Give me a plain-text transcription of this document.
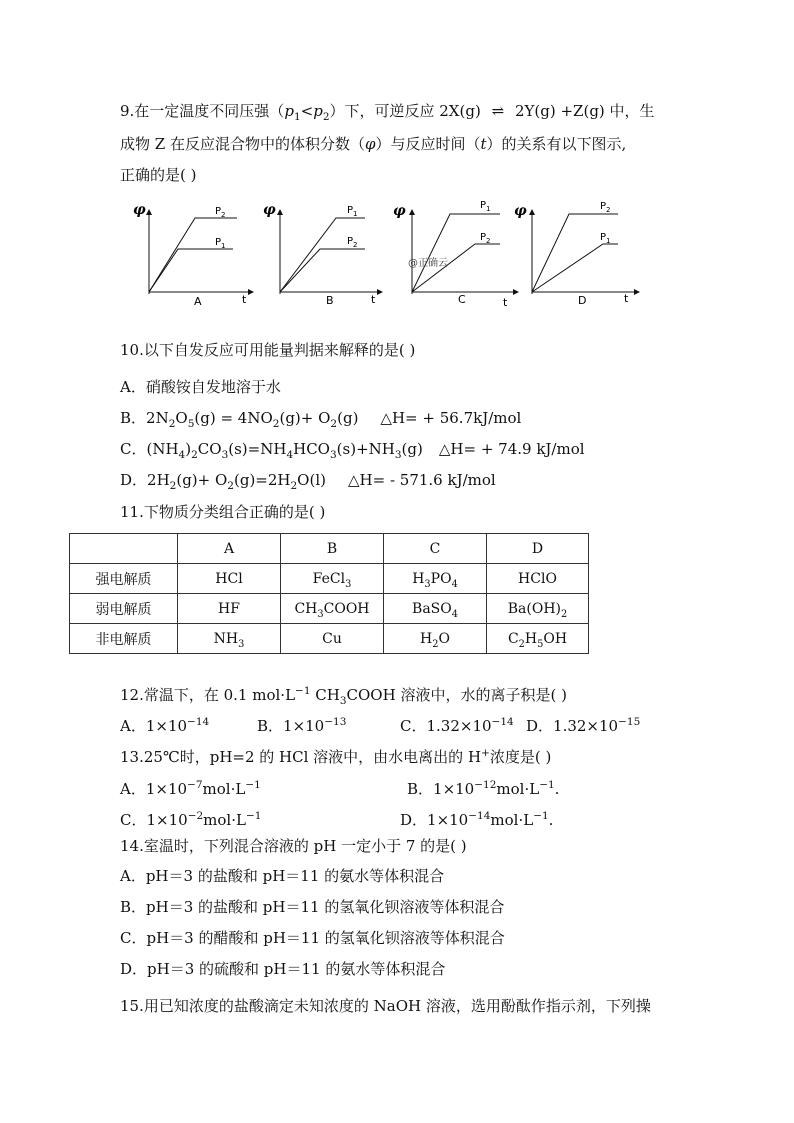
9.在一定温度不同压强$(p_1<p_2)$下，可逆反应 2X(g) ⇌ 2Y(g) +Z(g) 中，生
成物 Z 在反应混合物中的体积分数（φ）与反应时间（t）的关系有以下图示,
正确的是( )
φ	$P_2$
$P_1$
A	t
φ	$P_1$
$P_2$
B	t
φ	$P_1$
$P_2$
@正确云
C	t
φ	$P_2$
$P_1$
D	t
10.以下自发反应可用能量判据来解释的是( )
A．硝酸铵自发地溶于水
B．$2N_2O_5(g) = 4NO_2(g)+ O_2(g)$ △H= + 56.7kJ/mol
C．$(NH_4)_2CO_3(s)=NH_4HCO_3(s)+NH_3(g)$ △H= + 74.9 kJ/mol
D．$2H_2(g)+ O_2(g)=2H_2O(l)$ △H= - 571.6 kJ/mol
11.下物质分类组合正确的是( )
	A	B	C	D
强电解质	HCl	FeCl$_3$	$H_3PO_4$	HClO
弱电解质	HF	$CH_3COOH$	BaSO$_4$	$Ba(OH)_2$
非电解质	$NH_3$	Cu	$H_2O$	$C_2H_5OH$
12.常温下，在 0.1 $mol\cdot L^{-1}$ $CH_3COOH$ 溶液中，水的离子积是( )
A．$1\times 10^{-14}$	B．$1\times 10^{-13}$	C．$1.32\times 10^{-14}$ D．$1.32\times 10^{-15}$
13.25℃时，pH=2 的 HCl 溶液中，由水电离出的 H+浓度是( )
A．$1\times 10^{-7}mol\cdot L^{-1}$	B．$1\times 10^{-12}mol\cdot L^{-1}$.
C．$1\times 10^{-2}mol\cdot L^{-1}$	D．$1\times 10^{-14}mol\cdot L^{-1}$.
14.室温时，下列混合溶液的 pH 一定小于 7 的是( )
A．pH＝3 的盐酸和 pH＝11 的氨水等体积混合
B．pH＝3 的盐酸和 pH＝11 的氢氧化钡溶液等体积混合
C．pH＝3 的醋酸和 pH＝11 的氢氧化钡溶液等体积混合
D．pH＝3 的硫酸和 pH＝11 的氨水等体积混合
15.用已知浓度的盐酸滴定未知浓度的 NaOH 溶液，选用酚酞作指示剂，下列操
